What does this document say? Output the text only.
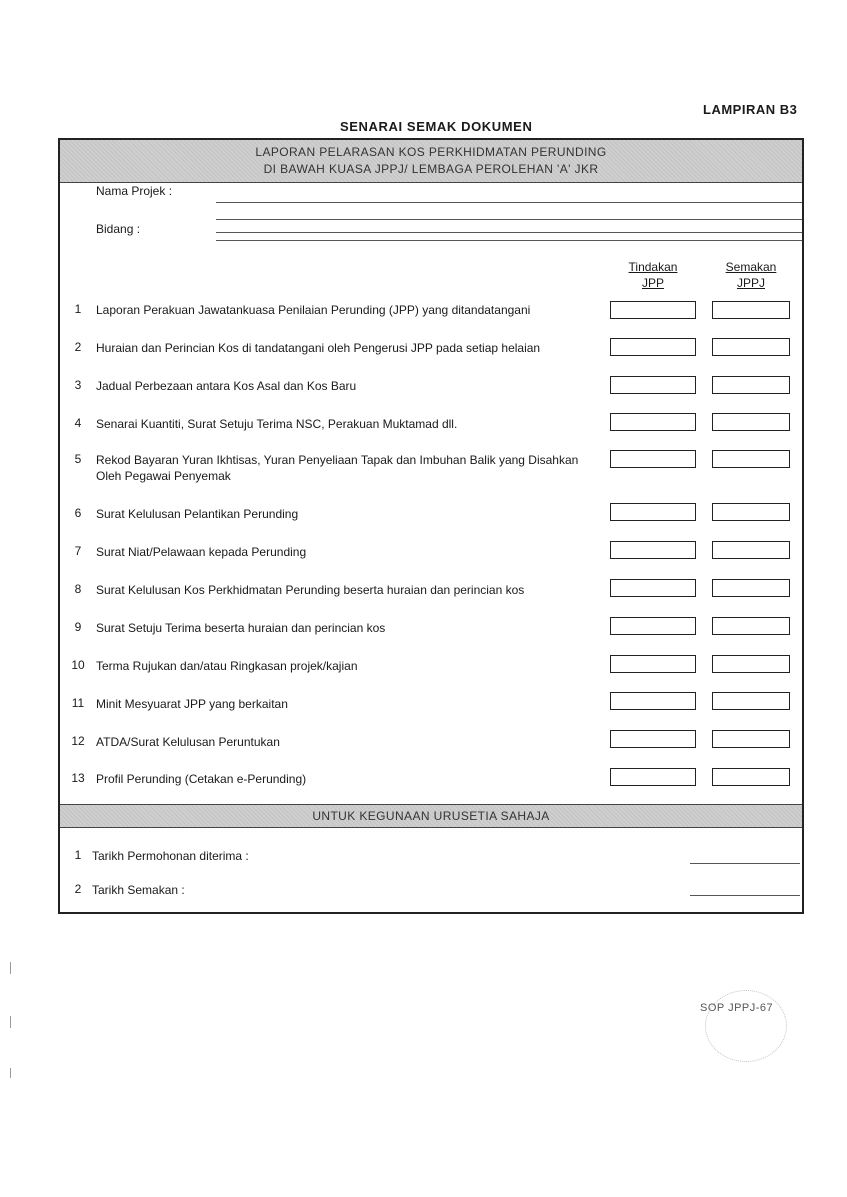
LAMPIRAN B3
SENARAI SEMAK DOKUMEN
LAPORAN PELARASAN KOS PERKHIDMATAN PERUNDING
DI BAWAH KUASA JPPJ/ LEMBAGA PEROLEHAN 'A' JKR
Nama Projek :
Bidang :
Tindakan
JPP
Semakan
JPPJ
1	Laporan Perakuan Jawatankuasa Penilaian Perunding (JPP) yang ditandatangani
2	Huraian dan Perincian Kos di tandatangani oleh Pengerusi JPP pada setiap helaian
3	Jadual Perbezaan antara Kos Asal dan Kos Baru
4	Senarai Kuantiti, Surat Setuju Terima NSC, Perakuan Muktamad dll.
5	Rekod Bayaran Yuran Ikhtisas, Yuran Penyeliaan Tapak dan Imbuhan Balik yang Disahkan Oleh Pegawai Penyemak
6	Surat Kelulusan Pelantikan Perunding
7	Surat Niat/Pelawaan kepada Perunding
8	Surat Kelulusan Kos Perkhidmatan Perunding beserta huraian dan perincian kos
9	Surat Setuju Terima beserta huraian dan perincian kos
10 Terma Rujukan dan/atau Ringkasan projek/kajian
11 Minit Mesyuarat JPP yang berkaitan
12 ATDA/Surat Kelulusan Peruntukan
13 Profil Perunding (Cetakan e-Perunding)
UNTUK KEGUNAAN URUSETIA SAHAJA
1 Tarikh Permohonan diterima :
2 Tarikh Semakan :
SOP JPPJ-67
